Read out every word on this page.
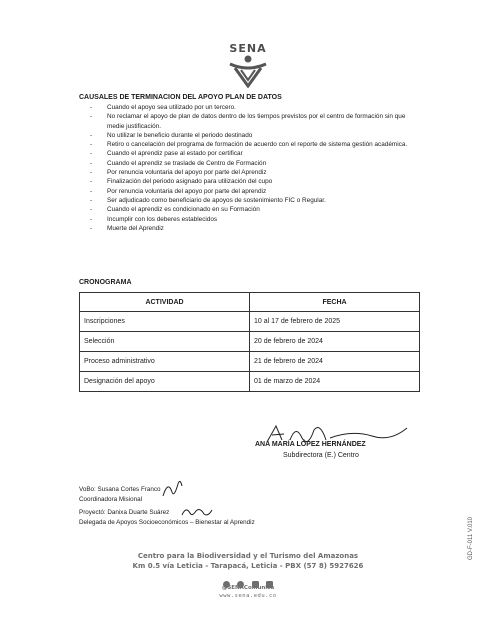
SENA
CAUSALES DE TERMINACION DEL APOYO PLAN DE DATOS
- Cuando el apoyo sea utilizado por un tercero.
- No reclamar el apoyo de plan de datos dentro de los tiempos previstos por el centro de formación sin que medie justificación.
- No utilizar le beneficio durante el periodo destinado
- Retiro o cancelación del programa de formación de acuerdo con el reporte de sistema gestión académica.
- Cuando el aprendiz pase al estado por certificar
- Cuando el aprendiz se traslade de Centro de Formación
- Por renuncia voluntaria del apoyo por parte del Aprendiz
- Finalización del periodo asignado para utilización del cupo
- Por renuncia voluntaria del apoyo por parte del aprendiz
- Ser adjudicado como beneficiario de apoyos de sostenimiento FIC o Regular.
- Cuando el aprendiz es condicionado en su Formación
- Incumplir con los deberes establecidos
- Muerte del Aprendiz
CRONOGRAMA
ACTIVIDAD	FECHA
Inscripciones	10 al 17 de febrero de 2025
Selección	20 de febrero de 2024
Proceso administrativo	21 de febrero de 2024
Designación del apoyo	01 de marzo de 2024
ANA MARÍA LÓPEZ HERNÁNDEZ
Subdirectora (E.) Centro
VoBo: Susana Cortes Franco
Coordinadora Misional
Proyectó: Danixa Duarte Suárez
Delegada de Apoyos Socioeconómicos – Bienestar al Aprendiz
Centro para la Biodiversidad y el Turismo del Amazonas
Km 0.5 vía Leticia - Tarapacá, Leticia - PBX (57 8) 5927626

@SENAComunica
www.sena.edu.co
GD-F-011 V.010
